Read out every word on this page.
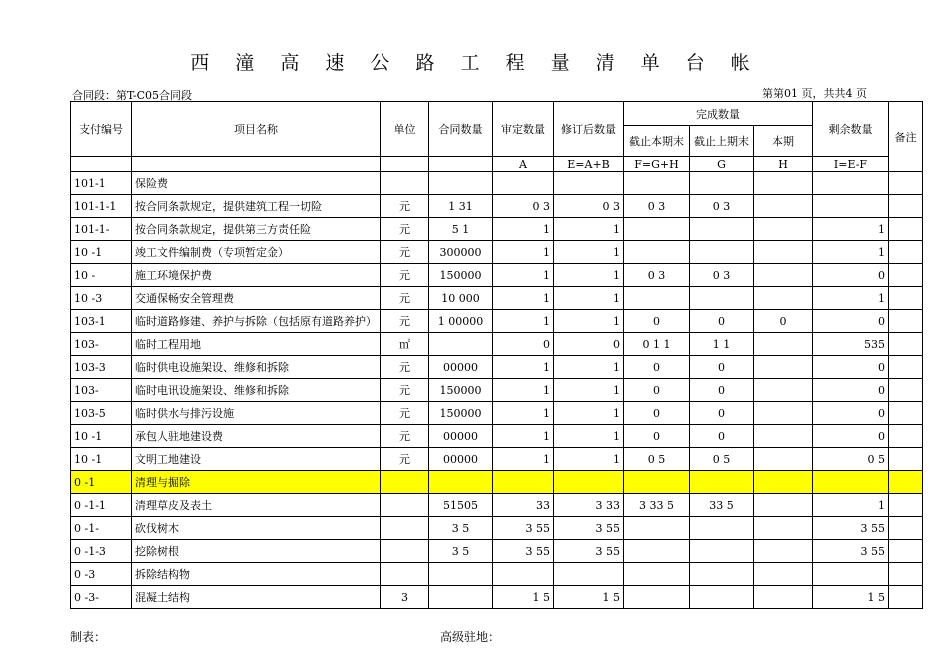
西 潼 高 速 公 路 工 程 量 清 单 台 帐
合同段：第T-C05合同段	第第01 页，共共4 页
支付编号	项目名称	单位	合同数量	审定数量	修订后数量	完成数量			剩余数量	备注
						截止本期末	截止上期末	本期		
				A	E=A+B	F=G+H	G	H	I=E-F	
101-1	保险费									
101-1-1	按合同条款规定，提供建筑工程一切险	元	1 31	0 3	0 3	0 3	0 3			
101-1-	按合同条款规定，提供第三方责任险	元	5 1	1	1				1	
10 -1	竣工文件编制费（专项暂定金）	元	300000	1	1				1	
10 -	施工环境保护费	元	150000	1	1	0 3	0 3		0	
10 -3	交通保畅安全管理费	元	10 000	1	1				1	
103-1	临时道路修建、养护与拆除（包括原有道路养护）	元	1 00000	1	1	0	0	0	0	
103-	临时工程用地	㎡		0	0	0 1 1	1 1		535	
103-3	临时供电设施架设、维修和拆除	元	00000	1	1	0	0		0	
103-	临时电讯设施架设、维修和拆除	元	150000	1	1	0	0		0	
103-5	临时供水与排污设施	元	150000	1	1	0	0		0	
10 -1	承包人驻地建设费	元	00000	1	1	0	0		0	
10 -1	文明工地建设	元	00000	1	1	0 5	0 5		0 5	
0 -1	清理与掘除									
0 -1-1	清理草皮及表土		51505	33	3 33	3 33 5	33 5		1	
0 -1-	砍伐树木		3 5	3 55	3 55				3 55	
0 -1-3	挖除树根		3 5	3 55	3 55				3 55	
0 -3	拆除结构物									
0 -3-	混凝土结构	3		1 5	1 5				1 5	
制表：	高级驻地：
